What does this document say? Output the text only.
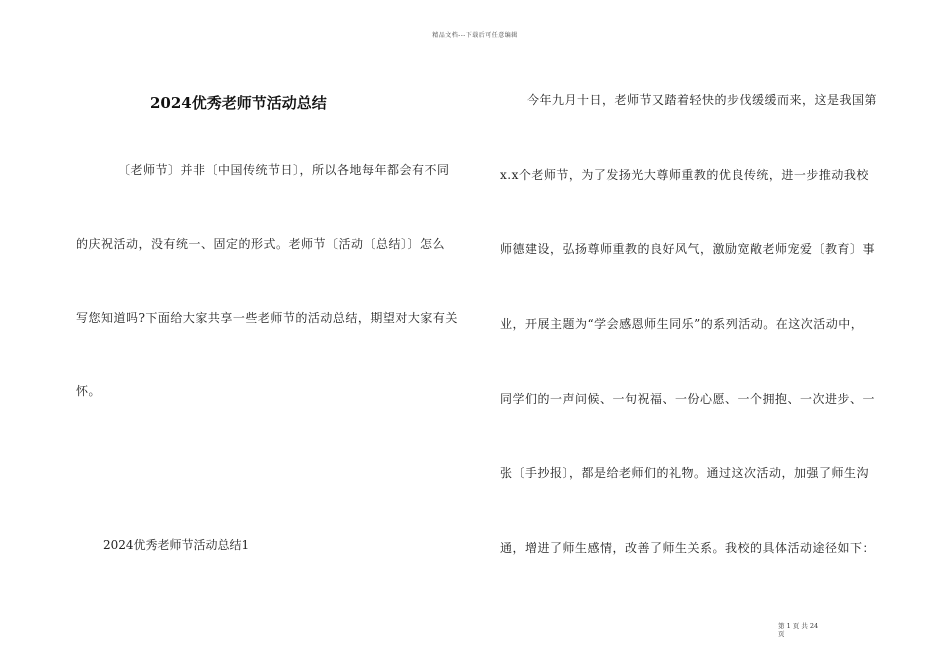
精品文档---下载后可任意编辑
2024优秀老师节活动总结
〔老师节〕并非〔中国传统节日〕，所以各地每年都会有不同
的庆祝活动，没有统一、固定的形式。老师节〔活动〔总结〕〕怎么
写您知道吗?下面给大家共享一些老师节的活动总结，期望对大家有关
怀。
2024优秀老师节活动总结1
今年九月十日，老师节又踏着轻快的步伐缓缓而来，这是我国第
x.x个老师节，为了发扬光大尊师重教的优良传统，进一步推动我校
师德建设，弘扬尊师重教的良好风气，激励宽敞老师宠爱〔教育〕事
业，开展主题为“学会感恩师生同乐”的系列活动。在这次活动中，
同学们的一声问候、一句祝福、一份心愿、一个拥抱、一次进步、一
张〔手抄报〕，都是给老师们的礼物。通过这次活动，加强了师生沟
通，增进了师生感情，改善了师生关系。我校的具体活动途径如下：
第 1 页 共 24
页
